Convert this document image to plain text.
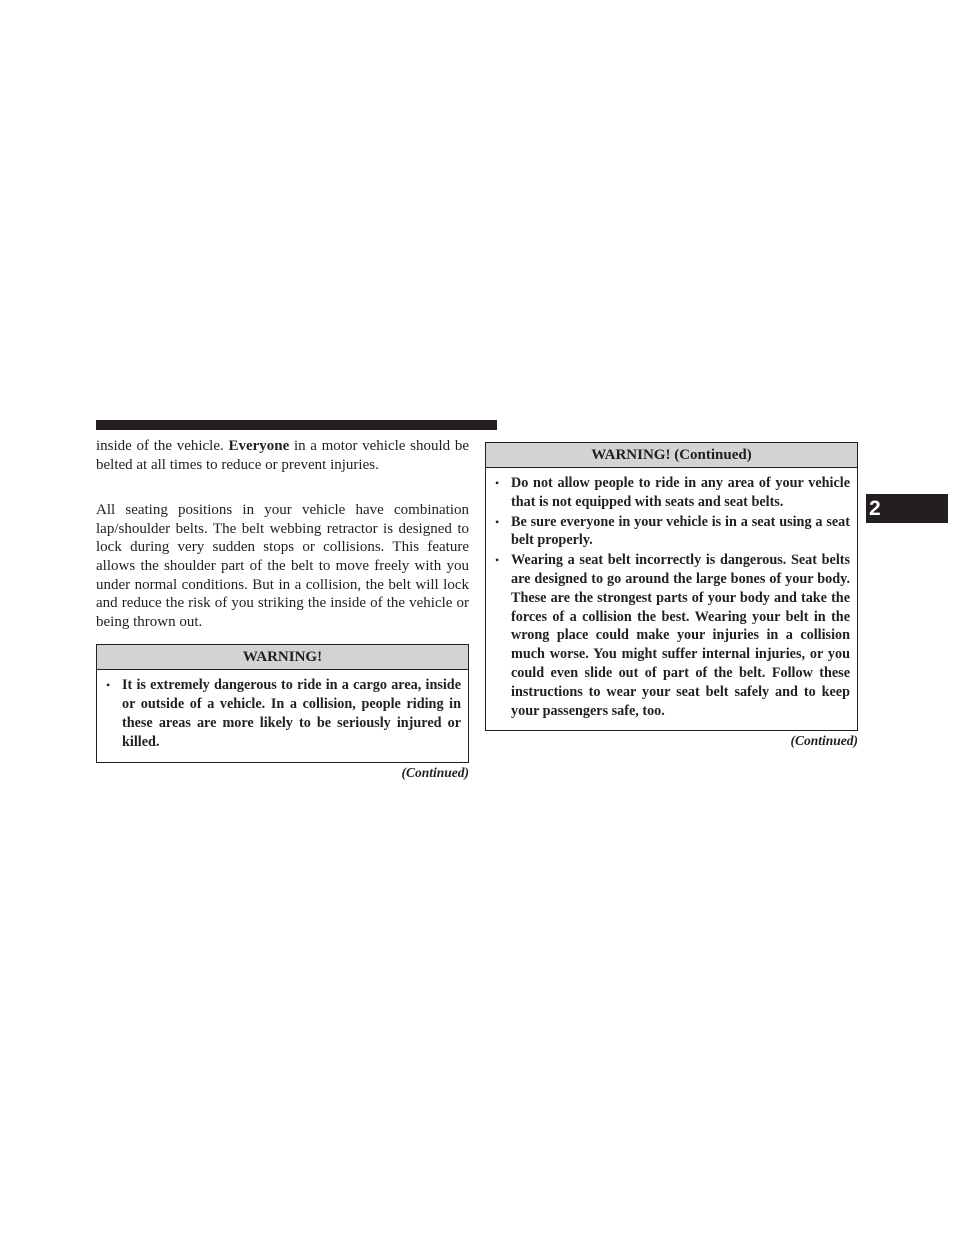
inside of the vehicle. Everyone in a motor vehicle should be belted at all times to reduce or prevent injuries.

All seating positions in your vehicle have combination lap/shoulder belts. The belt webbing retractor is designed to lock during very sudden stops or collisions. This feature allows the shoulder part of the belt to move freely with you under normal conditions. But in a collision, the belt will lock and reduce the risk of you striking the inside of the vehicle or being thrown out.

WARNING!
• It is extremely dangerous to ride in a cargo area, inside or outside of a vehicle. In a collision, people riding in these areas are more likely to be seriously injured or killed.
(Continued)
WARNING! (Continued)
• Do not allow people to ride in any area of your vehicle that is not equipped with seats and seat belts.
• Be sure everyone in your vehicle is in a seat using a seat belt properly.
• Wearing a seat belt incorrectly is dangerous. Seat belts are designed to go around the large bones of your body. These are the strongest parts of your body and take the forces of a collision the best. Wearing your belt in the wrong place could make your injuries in a collision much worse. You might suffer internal injuries, or you could even slide out of part of the belt. Follow these instructions to wear your seat belt safely and to keep your passengers safe, too.
(Continued)
2
